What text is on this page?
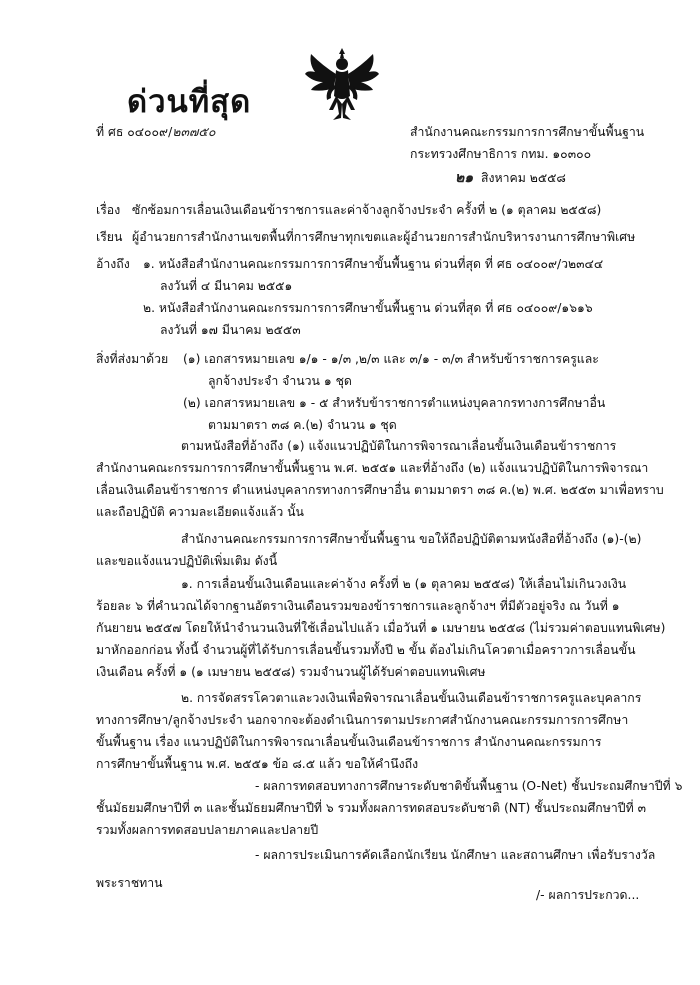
ด่วนที่สุด
ที่ ศธ ๐๔๐๐๙/๒๓๗๕๐	สำนักงานคณะกรรมการการศึกษาขั้นพื้นฐาน
กระทรวงศึกษาธิการ กทม. ๑๐๓๐๐
๒๑ สิงหาคม ๒๕๕๘
เรื่อง ซักซ้อมการเลื่อนเงินเดือนข้าราชการและค่าจ้างลูกจ้างประจำ ครั้งที่ ๒ (๑ ตุลาคม ๒๕๕๘)
เรียน ผู้อำนวยการสำนักงานเขตพื้นที่การศึกษาทุกเขตและผู้อำนวยการสำนักบริหารงานการศึกษาพิเศษ
อ้างถึง ๑. หนังสือสำนักงานคณะกรรมการการศึกษาขั้นพื้นฐาน ด่วนที่สุด ที่ ศธ ๐๔๐๐๙/ว๒๓๔๔
ลงวันที่ ๔ มีนาคม ๒๕๕๑
๒. หนังสือสำนักงานคณะกรรมการการศึกษาขั้นพื้นฐาน ด่วนที่สุด ที่ ศธ ๐๔๐๐๙/๑๖๑๖
ลงวันที่ ๑๗ มีนาคม ๒๕๕๓
สิ่งที่ส่งมาด้วย (๑) เอกสารหมายเลข ๑/๑ - ๑/๓ ,๒/๓ และ ๓/๑ - ๓/๓ สำหรับข้าราชการครูและ
ลูกจ้างประจำ จำนวน ๑ ชุด
(๒) เอกสารหมายเลข ๑ - ๕ สำหรับข้าราชการตำแหน่งบุคลากรทางการศึกษาอื่น
ตามมาตรา ๓๘ ค.(๒) จำนวน ๑ ชุด
ตามหนังสือที่อ้างถึง (๑) แจ้งแนวปฏิบัติในการพิจารณาเลื่อนขั้นเงินเดือนข้าราชการ
สำนักงานคณะกรรมการการศึกษาขั้นพื้นฐาน พ.ศ. ๒๕๕๑ และที่อ้างถึง (๒) แจ้งแนวปฏิบัติในการพิจารณา
เลื่อนเงินเดือนข้าราชการ ตำแหน่งบุคลากรทางการศึกษาอื่น ตามมาตรา ๓๘ ค.(๒) พ.ศ. ๒๕๕๓ มาเพื่อทราบ
และถือปฏิบัติ ความละเอียดแจ้งแล้ว นั้น
สำนักงานคณะกรรมการการศึกษาขั้นพื้นฐาน ขอให้ถือปฏิบัติตามหนังสือที่อ้างถึง (๑)-(๒)
และขอแจ้งแนวปฏิบัติเพิ่มเติม ดังนี้
๑. การเลื่อนขั้นเงินเดือนและค่าจ้าง ครั้งที่ ๒ (๑ ตุลาคม ๒๕๕๘) ให้เลื่อนไม่เกินวงเงิน
ร้อยละ ๖ ที่คำนวณได้จากฐานอัตราเงินเดือนรวมของข้าราชการและลูกจ้างฯ ที่มีตัวอยู่จริง ณ วันที่ ๑
กันยายน ๒๕๕๗ โดยให้นำจำนวนเงินที่ใช้เลื่อนไปแล้ว เมื่อวันที่ ๑ เมษายน ๒๕๕๘ (ไม่รวมค่าตอบแทนพิเศษ)
มาหักออกก่อน ทั้งนี้ จำนวนผู้ที่ได้รับการเลื่อนขั้นรวมทั้งปี ๒ ขั้น ต้องไม่เกินโควตาเมื่อคราวการเลื่อนขั้น
เงินเดือน ครั้งที่ ๑ (๑ เมษายน ๒๕๕๘) รวมจำนวนผู้ได้รับค่าตอบแทนพิเศษ
๒. การจัดสรรโควตาและวงเงินเพื่อพิจารณาเลื่อนขั้นเงินเดือนข้าราชการครูและบุคลากร
ทางการศึกษา/ลูกจ้างประจำ นอกจากจะต้องดำเนินการตามประกาศสำนักงานคณะกรรมการการศึกษา
ขั้นพื้นฐาน เรื่อง แนวปฏิบัติในการพิจารณาเลื่อนขั้นเงินเดือนข้าราชการ สำนักงานคณะกรรมการ
การศึกษาขั้นพื้นฐาน พ.ศ. ๒๕๕๑ ข้อ ๘.๕ แล้ว ขอให้คำนึงถึง
- ผลการทดสอบทางการศึกษาระดับชาติขั้นพื้นฐาน (O-Net) ชั้นประถมศึกษาปีที่ ๖
ชั้นมัธยมศึกษาปีที่ ๓ และชั้นมัธยมศึกษาปีที่ ๖ รวมทั้งผลการทดสอบระดับชาติ (NT) ชั้นประถมศึกษาปีที่ ๓
รวมทั้งผลการทดสอบปลายภาคและปลายปี
- ผลการประเมินการคัดเลือกนักเรียน นักศึกษา และสถานศึกษา เพื่อรับรางวัล
พระราชทาน
/- ผลการประกวด...
